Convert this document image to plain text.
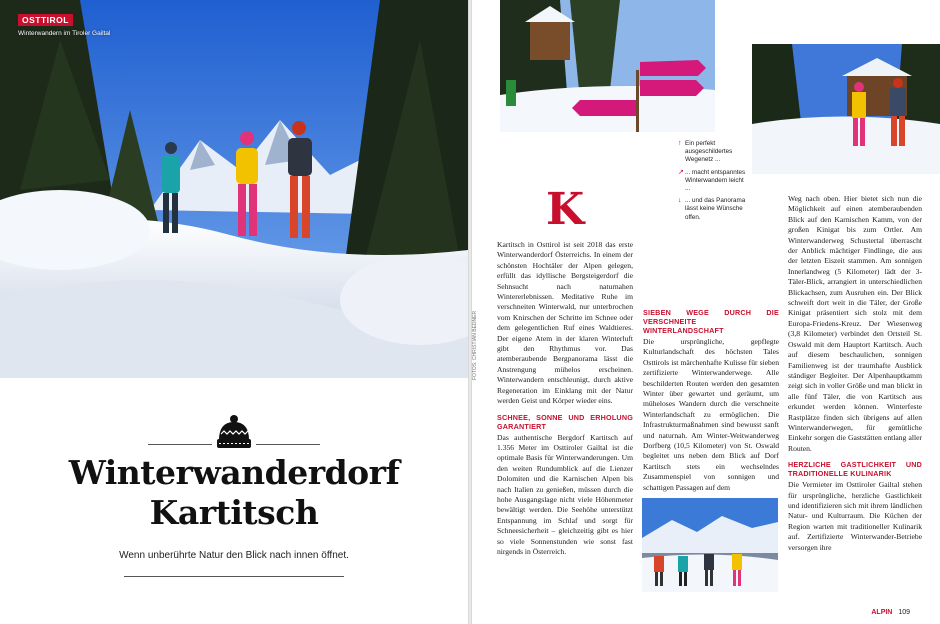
OSTTIROL
Winterwandern im Tiroler Gailtal
Winterwanderdorf
Kartitsch
Wenn unberührte Natur den Blick nach innen öffnet.
FOTOS: CHRISTIAN BEDNER
↑ Ein perfekt ausgeschildertes Wegenetz ...
↗ ... macht entspanntes Winterwandern leicht ...
↓ ... und das Panorama lässt keine Wünsche offen.
K

Kartitsch in Osttirol ist seit 2018 das erste Winterwanderdorf Österreichs. In einem der schönsten Hochtäler der Alpen gelegen, erfüllt das idyllische Bergsteigerdorf die Sehnsucht nach naturnahen Wintererlebnissen. Meditative Ruhe im verschneiten Winterwald, nur unterbrochen vom Knirschen der Schritte im Schnee oder dem gelegentlichen Ruf eines Waldtieres. Der eigene Atem in der klaren Winterluft gibt den Rhythmus vor. Das atemberaubende Bergpanorama lässt die Anstrengung mühelos erscheinen. Winterwandern entschleunigt, durch aktive Regeneration im Einklang mit der Natur werden Geist und Körper wieder eins.

SCHNEE, SONNE UND ERHOLUNG GARANTIERT

Das authentische Bergdorf Kartitsch auf 1.356 Meter im Osttiroler Gailtal ist die optimale Basis für Winterwanderungen. Um den weiten Rundumblick auf die Lienzer Dolomiten und die Karnischen Alpen bis nach Italien zu genießen, müssen durch die hohe Ausgangslage nicht viele Höhenmeter bewältigt werden. Die Seehöhe unterstützt Entspannung im Schlaf und sorgt für Schneesicherheit – gleichzeitig gibt es hier so viele Sonnenstunden wie sonst fast nirgends in Österreich.

SIEBEN WEGE DURCH DIE VERSCHNEITE WINTERLANDSCHAFT

Die ursprüngliche, gepflegte Kulturlandschaft des höchsten Tales Osttirols ist märchenhafte Kulisse für sieben zertifizierte Winterwanderwege. Alle beschilderten Routen werden den gesamten Winter über gewartet und geräumt, um müheloses Wandern durch die verschneite Winterlandschaft zu ermöglichen. Die Infrastrukturmaßnahmen sind bewusst sanft und naturnah. Am Winter-Weitwanderweg Dorfberg (10,5 Kilometer) von St. Oswald begleitet uns neben dem Blick auf Dorf Kartitsch stets ein wechselndes Zusammenspiel von sonnigen und schattigen Passagen auf dem

Weg nach oben. Hier bietet sich nun die Möglichkeit auf einen atemberaubenden Blick auf den Karnischen Kamm, von der großen Kinigat bis zum Ortler. Am Winterwanderweg Schustertal überrascht der Anblick mächtiger Findlinge, die aus der letzten Eiszeit stammen. Am sonnigen Innerlandweg (5 Kilometer) lädt der 3-Täler-Blick, arrangiert in unterschiedlichen Blickachsen, zum Ausruhen ein. Der Blick schweift dort weit in die Täler, der Große Kinigat präsentiert sich stolz mit dem Europa-Friedens-Kreuz. Der Wiesenweg (3,8 Kilometer) verbindet den Ortsteil St. Oswald mit dem Hauptort Kartitsch. Auch auf diesem beschaulichen, sonnigen Familienweg ist der traumhafte Ausblick ständiger Begleiter. Der Alpenhauptkamm zeigt sich in voller Größe und man blickt in alle fünf Täler, die von Kartitsch aus erkundet werden können. Winterfeste Rastplätze finden sich übrigens auf allen Winterwanderwegen, für gemütliche Einkehr sorgen die Gaststätten entlang aller Routen.

HERZLICHE GASTLICHKEIT UND TRADITIONELLE KULINARIK

Die Vermieter im Osttiroler Gailtal stehen für ursprüngliche, herzliche Gastlichkeit und identifizieren sich mit ihrem ländlichen Natur- und Kulturraum. Die Küchen der Region warten mit traditioneller Kulinarik auf. Zertifizierte Winterwander-Betriebe versorgen ihre

ALPIN 109
